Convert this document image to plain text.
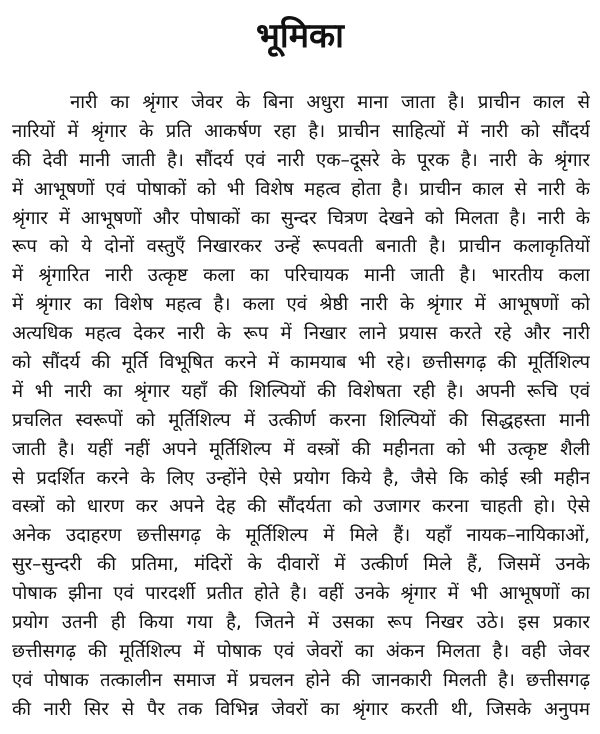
भूमिका
नारी का श्रृंगार जेवर के बिना अधुरा माना जाता है। प्राचीन काल से
नारियों में श्रृंगार के प्रति आकर्षण रहा है। प्राचीन साहित्यों में नारी को सौंदर्य
की देवी मानी जाती है। सौंदर्य एवं नारी एक–दूसरे के पूरक है। नारी के श्रृंगार
में आभूषणों एवं पोषाकों को भी विशेष महत्व होता है। प्राचीन काल से नारी के
श्रृंगार में आभूषणों और पोषाकों का सुन्दर चित्रण देखने को मिलता है। नारी के
रूप को ये दोनों वस्तुएँ निखारकर उन्हें रूपवती बनाती है। प्राचीन कलाकृतियों
में श्रृंगारित नारी उत्कृष्ट कला का परिचायक मानी जाती है। भारतीय कला
में श्रृंगार का विशेष महत्व है। कला एवं श्रेष्ठी नारी के श्रृंगार में आभूषणों को
अत्यधिक महत्व देकर नारी के रूप में निखार लाने प्रयास करते रहे और नारी
को सौंदर्य की मूर्ति विभूषित करने में कामयाब भी रहे। छत्तीसगढ़ की मूर्तिशिल्प
में भी नारी का श्रृंगार यहाँ की शिल्पियों की विशेषता रही है। अपनी रूचि एवं
प्रचलित स्वरूपों को मूर्तिशिल्प में उत्कीर्ण करना शिल्पियों की सिद्धहस्ता मानी
जाती है। यहीं नहीं अपने मूर्तिशिल्प में वस्त्रों की महीनता को भी उत्कृष्ट शैली
से प्रदर्शित करने के लिए उन्होंने ऐसे प्रयोग किये है, जैसे कि कोई स्त्री महीन
वस्त्रों को धारण कर अपने देह की सौंदर्यता को उजागर करना चाहती हो। ऐसे
अनेक उदाहरण छत्तीसगढ़ के मूर्तिशिल्प में मिले हैं। यहाँ नायक–नायिकाओं,
सुर–सुन्दरी की प्रतिमा, मंदिरों के दीवारों में उत्कीर्ण मिले हैं, जिसमें उनके
पोषाक झीना एवं पारदर्शी प्रतीत होते है। वहीं उनके श्रृंगार में भी आभूषणों का
प्रयोग उतनी ही किया गया है, जितने में उसका रूप निखर उठे। इस प्रकार
छत्तीसगढ़ की मूर्तिशिल्प में पोषाक एवं जेवरों का अंकन मिलता है। वही जेवर
एवं पोषाक तत्कालीन समाज में प्रचलन होने की जानकारी मिलती है। छत्तीसगढ़
की नारी सिर से पैर तक विभिन्न जेवरों का श्रृंगार करती थी, जिसके अनुपम
